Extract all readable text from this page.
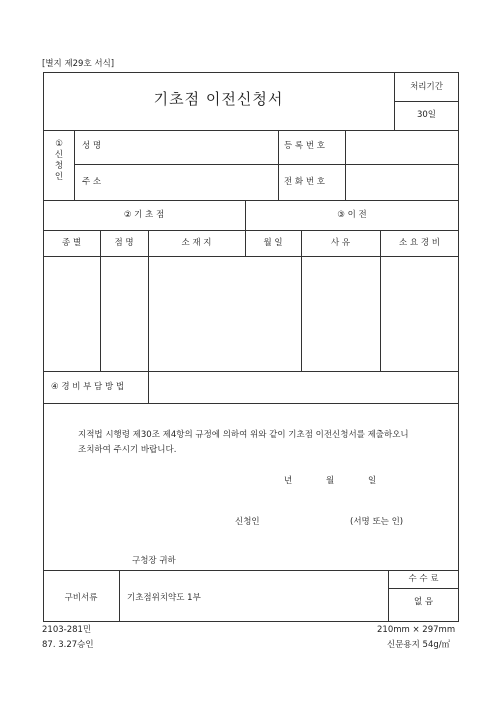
[별지 제29호 서식]
기초점 이전신청서
처리기간
30일
① 신청인
성 명	등 록 번 호
주 소	전 화 번 호
② 기 초 점	③ 이 전
종 별	점 명	소 재 지	월 일	사 유	소 요 경 비
④ 경 비 부 담 방 법
지적법 시행령 제30조 제4항의 규정에 의하여 위와 같이 기초점 이전신청서를 제출하오니
조치하여 주시기 바랍니다.
년	월	일
신청인	(서명 또는 인)
구청장 귀하
구비서류	기초점위치약도 1부
수 수 료
없 음
2103-281민
87. 3.27승인
210mm × 297mm
신문용지 54g/㎡
